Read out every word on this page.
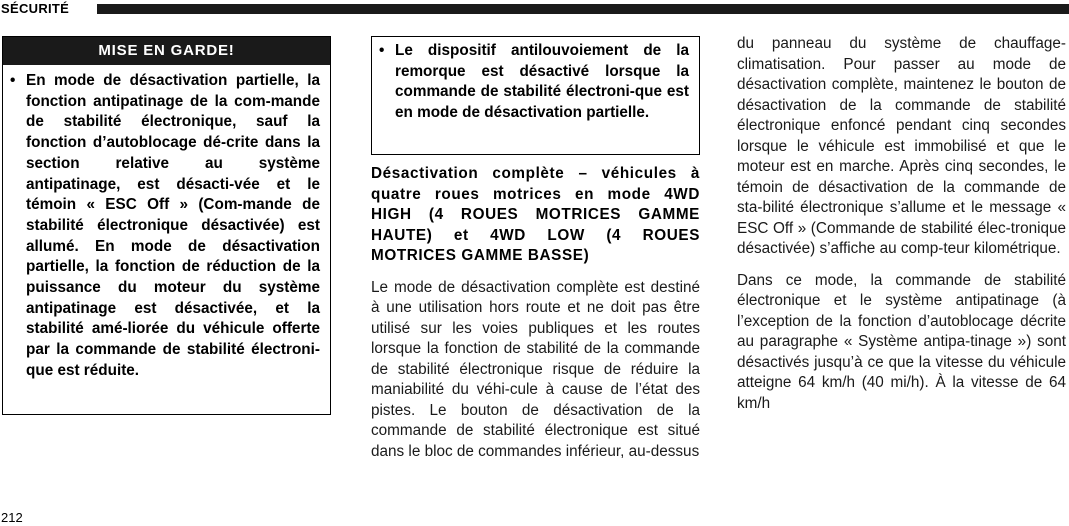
SÉCURITÉ
MISE EN GARDE!
• En mode de désactivation partielle, la fonction antipatinage de la com-mande de stabilité électronique, sauf la fonction d’autoblocage dé-crite dans la section relative au système antipatinage, est désacti-vée et le témoin « ESC Off » (Com-mande de stabilité électronique désactivée) est allumé. En mode de désactivation partielle, la fonction de réduction de la puissance du moteur du système antipatinage est désactivée, et la stabilité amé-liorée du véhicule offerte par la commande de stabilité électroni-que est réduite.
• Le dispositif antilouvoiement de la remorque est désactivé lorsque la commande de stabilité électroni-que est en mode de désactivation partielle.
Désactivation complète – véhicules à quatre roues motrices en mode 4WD HIGH (4 ROUES MOTRICES GAMME HAUTE) et 4WD LOW (4 ROUES MOTRICES GAMME BASSE)

Le mode de désactivation complète est destiné à une utilisation hors route et ne doit pas être utilisé sur les voies publiques et les routes lorsque la fonction de stabilité de la commande de stabilité électronique risque de réduire la maniabilité du véhi-cule à cause de l’état des pistes. Le bouton de désactivation de la commande de stabilité électronique est situé dans le bloc de commandes inférieur, au-dessus

du panneau du système de chauffage-climatisation. Pour passer au mode de désactivation complète, maintenez le bouton de désactivation de la commande de stabilité électronique enfoncé pendant cinq secondes lorsque le véhicule est immobilisé et que le moteur est en marche. Après cinq secondes, le témoin de désactivation de la commande de sta-bilité électronique s’allume et le message « ESC Off » (Commande de stabilité élec-tronique désactivée) s’affiche au comp-teur kilométrique.

Dans ce mode, la commande de stabilité électronique et le système antipatinage (à l’exception de la fonction d’autoblocage décrite au paragraphe « Système antipa-tinage ») sont désactivés jusqu’à ce que la vitesse du véhicule atteigne 64 km/h (40 mi/h). À la vitesse de 64 km/h

212
